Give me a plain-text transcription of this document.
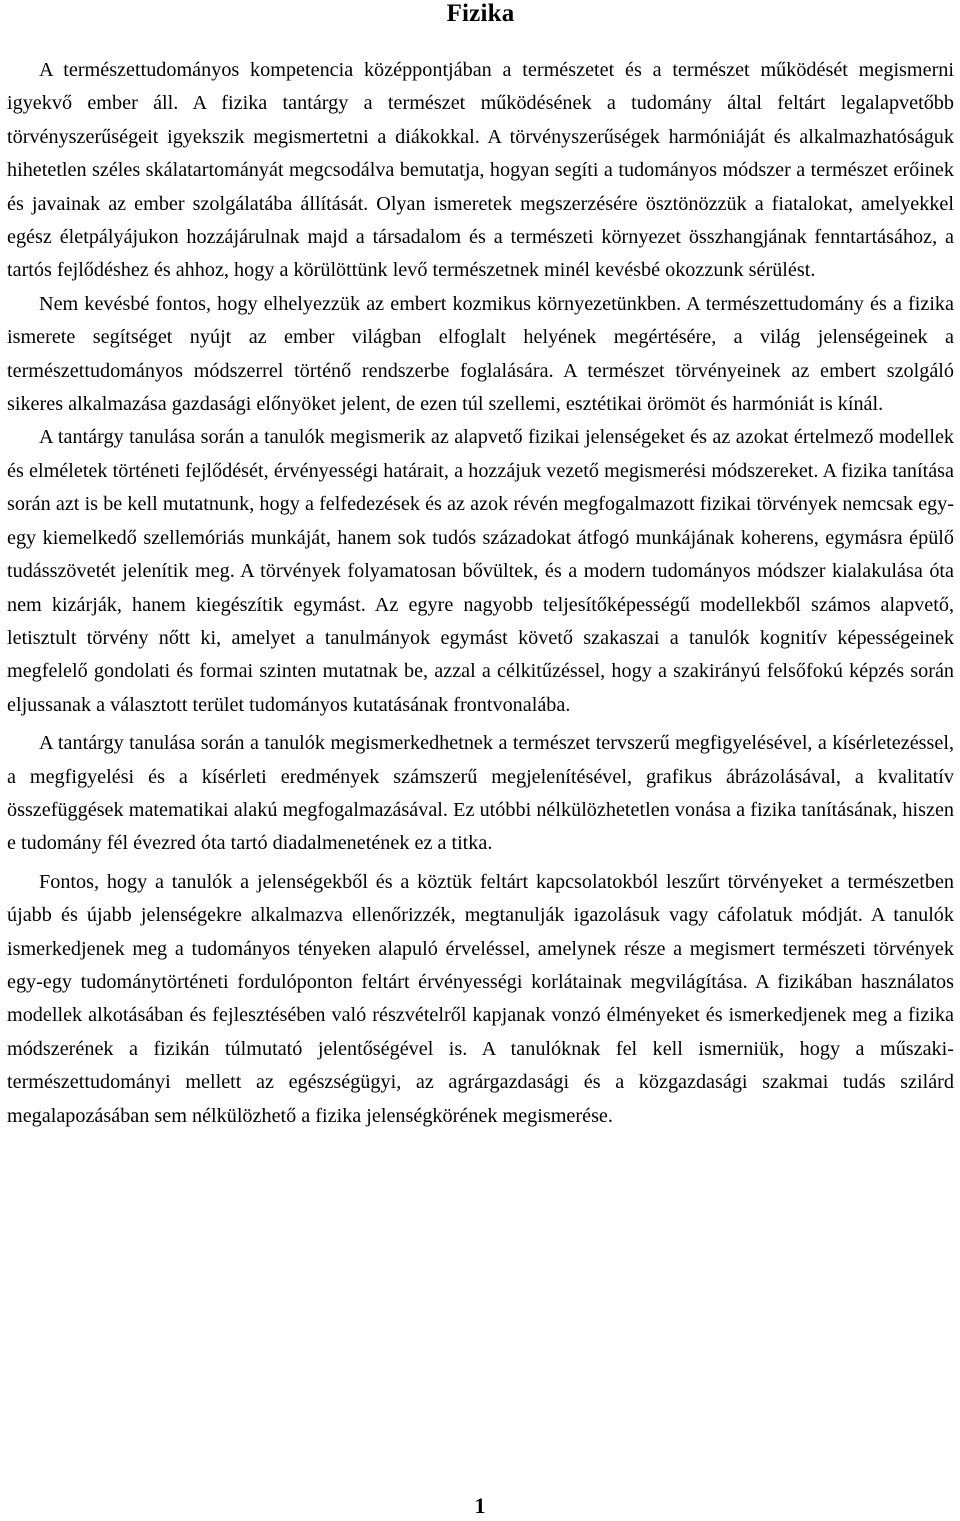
Fizika

A természettudományos kompetencia középpontjában a természetet és a természet működését megismerni igyekvő ember áll. A fizika tantárgy a természet működésének a tudomány által feltárt legalapvetőbb törvényszerűségeit igyekszik megismertetni a diákokkal. A törvényszerűségek harmóniáját és alkalmazhatóságuk hihetetlen széles skálatartományát megcsodálva bemutatja, hogyan segíti a tudományos módszer a természet erőinek és javainak az ember szolgálatába állítását. Olyan ismeretek megszerzésére ösztönözzük a fiatalokat, amelyekkel egész életpályájukon hozzájárulnak majd a társadalom és a természeti környezet összhangjának fenntartásához, a tartós fejlődéshez és ahhoz, hogy a körülöttünk levő természetnek minél kevésbé okozzunk sérülést.

Nem kevésbé fontos, hogy elhelyezzük az embert kozmikus környezetünkben. A természettudomány és a fizika ismerete segítséget nyújt az ember világban elfoglalt helyének megértésére, a világ jelenségeinek a természettudományos módszerrel történő rendszerbe foglalására. A természet törvényeinek az embert szolgáló sikeres alkalmazása gazdasági előnyöket jelent, de ezen túl szellemi, esztétikai örömöt és harmóniát is kínál.

A tantárgy tanulása során a tanulók megismerik az alapvető fizikai jelenségeket és az azokat értelmező modellek és elméletek történeti fejlődését, érvényességi határait, a hozzájuk vezető megismerési módszereket. A fizika tanítása során azt is be kell mutatnunk, hogy a felfedezések és az azok révén megfogalmazott fizikai törvények nemcsak egy-egy kiemelkedő szellemóriás munkáját, hanem sok tudós századokat átfogó munkájának koherens, egymásra épülő tudásszövetét jelenítik meg. A törvények folyamatosan bővültek, és a modern tudományos módszer kialakulása óta nem kizárják, hanem kiegészítik egymást. Az egyre nagyobb teljesítőképességű modellekből számos alapvető, letisztult törvény nőtt ki, amelyet a tanulmányok egymást követő szakaszai a tanulók kognitív képességeinek megfelelő gondolati és formai szinten mutatnak be, azzal a célkitűzéssel, hogy a szakirányú felsőfokú képzés során eljussanak a választott terület tudományos kutatásának frontvonalába.

A tantárgy tanulása során a tanulók megismerkedhetnek a természet tervszerű megfigyelésével, a kísérletezéssel, a megfigyelési és a kísérleti eredmények számszerű megjelenítésével, grafikus ábrázolásával, a kvalitatív összefüggések matematikai alakú megfogalmazásával. Ez utóbbi nélkülözhetetlen vonása a fizika tanításának, hiszen e tudomány fél évezred óta tartó diadalmenetének ez a titka.

Fontos, hogy a tanulók a jelenségekből és a köztük feltárt kapcsolatokból leszűrt törvényeket a természetben újabb és újabb jelenségekre alkalmazva ellenőrizzék, megtanulják igazolásuk vagy cáfolatuk módját. A tanulók ismerkedjenek meg a tudományos tényeken alapuló érveléssel, amelynek része a megismert természeti törvények egy-egy tudománytörténeti fordulóponton feltárt érvényességi korlátainak megvilágítása. A fizikában használatos modellek alkotásában és fejlesztésében való részvételről kapjanak vonzó élményeket és ismerkedjenek meg a fizika módszerének a fizikán túlmutató jelentőségével is. A tanulóknak fel kell ismerniük, hogy a műszaki-természettudományi mellett az egészségügyi, az agrárgazdasági és a közgazdasági szakmai tudás szilárd megalapozásában sem nélkülözhető a fizika jelenségkörének megismerése.

1
